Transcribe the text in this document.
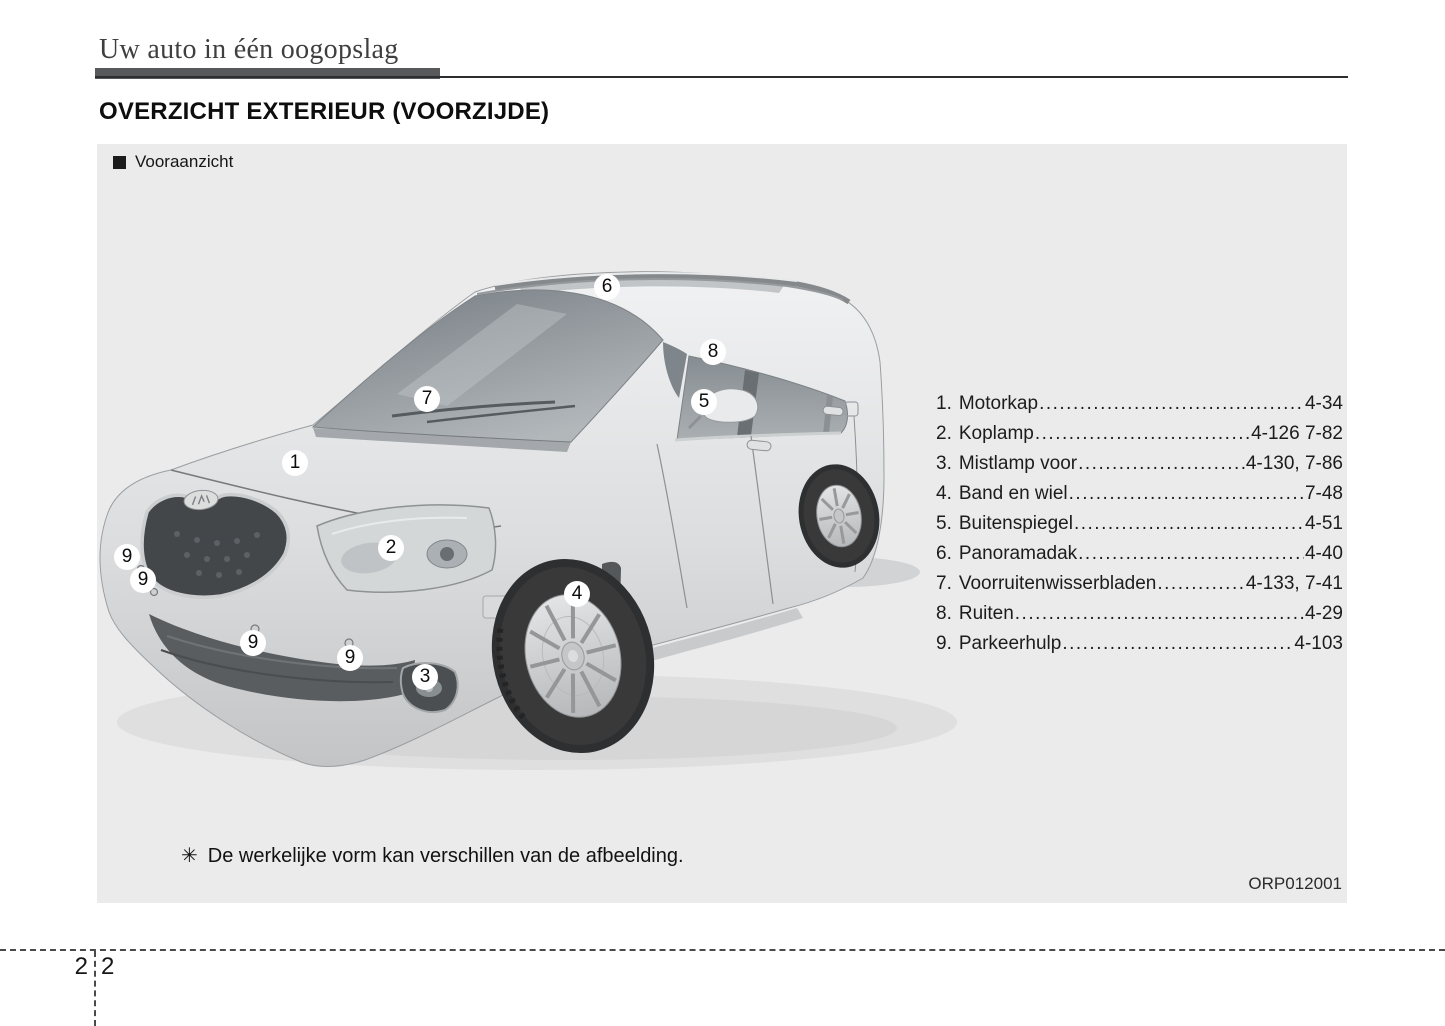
Uw auto in één oogopslag
OVERZICHT EXTERIEUR (VOORZIJDE)
1
2
3
4
5
6
7
8
9
9
9
9
Vooraanzicht
1. Motorkap .....	4-34
2. Koplamp .....	4-126 7-82
3. Mistlamp voor .....	4-130, 7-86
4. Band en wiel .....	7-48
5. Buitenspiegel .....	4-51
6. Panoramadak .....	4-40
7. Voorruitenwisserbladen .....	4-133, 7-41
8. Ruiten .....	4-29
9. Parkeerhulp .....	4-103
✳ De werkelijke vorm kan verschillen van de afbeelding.
ORP012001
2 2
